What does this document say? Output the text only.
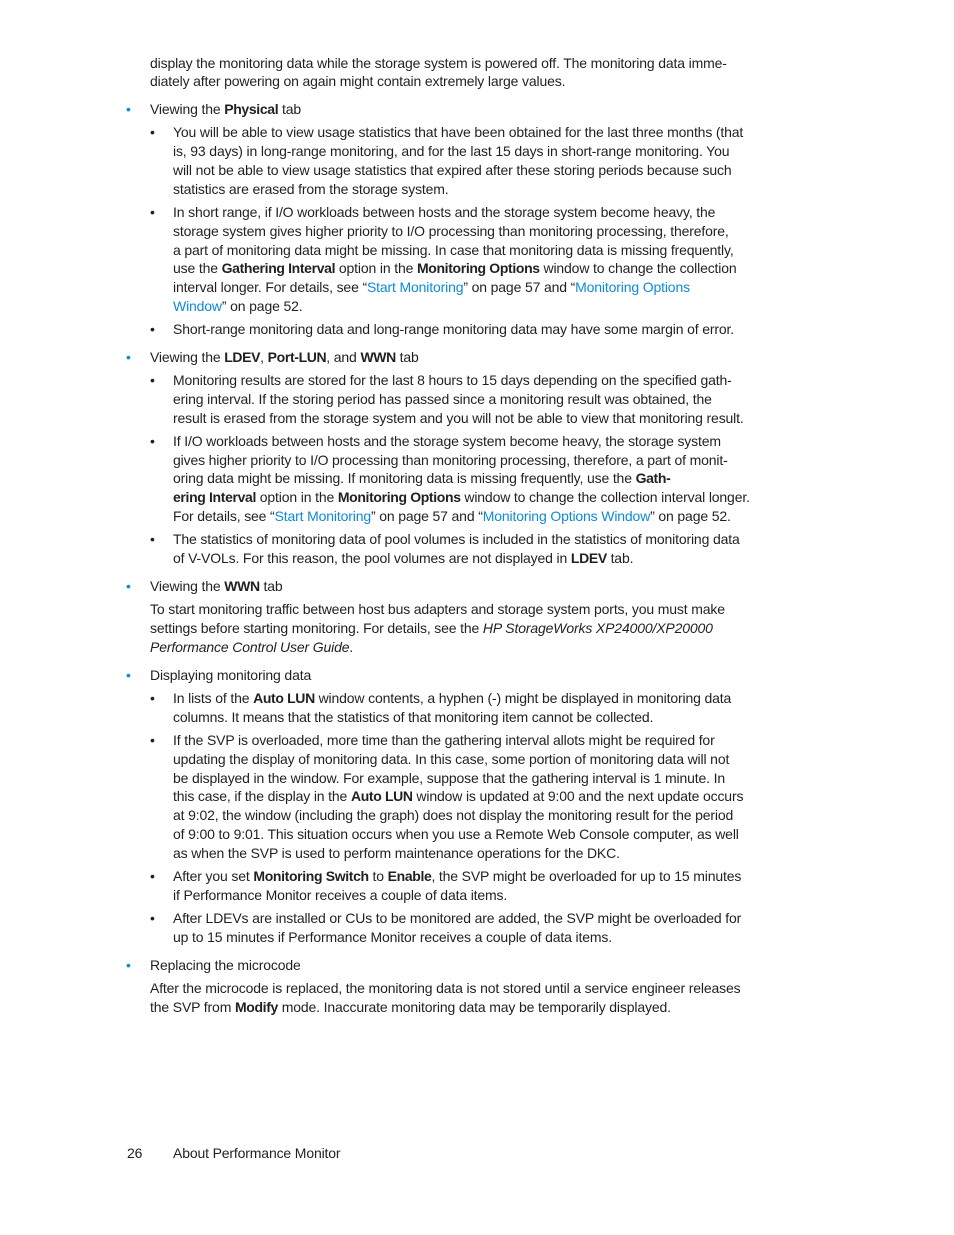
display the monitoring data while the storage system is powered off. The monitoring data imme-
diately after powering on again might contain extremely large values.
• Viewing the Physical tab
• You will be able to view usage statistics that have been obtained for the last three months (that
is, 93 days) in long-range monitoring, and for the last 15 days in short-range monitoring. You
will not be able to view usage statistics that expired after these storing periods because such
statistics are erased from the storage system.
• In short range, if I/O workloads between hosts and the storage system become heavy, the
storage system gives higher priority to I/O processing than monitoring processing, therefore,
a part of monitoring data might be missing. In case that monitoring data is missing frequently,
use the Gathering Interval option in the Monitoring Options window to change the collection
interval longer. For details, see “Start Monitoring” on page 57 and “Monitoring Options
Window” on page 52.
• Short-range monitoring data and long-range monitoring data may have some margin of error.
• Viewing the LDEV, Port-LUN, and WWN tab
• Monitoring results are stored for the last 8 hours to 15 days depending on the specified gath-
ering interval. If the storing period has passed since a monitoring result was obtained, the
result is erased from the storage system and you will not be able to view that monitoring result.
• If I/O workloads between hosts and the storage system become heavy, the storage system
gives higher priority to I/O processing than monitoring processing, therefore, a part of monit-
oring data might be missing. If monitoring data is missing frequently, use the Gath-
ering Interval option in the Monitoring Options window to change the collection interval longer.
For details, see “Start Monitoring” on page 57 and “Monitoring Options Window” on page 52.
• The statistics of monitoring data of pool volumes is included in the statistics of monitoring data
of V-VOLs. For this reason, the pool volumes are not displayed in LDEV tab.
• Viewing the WWN tab
To start monitoring traffic between host bus adapters and storage system ports, you must make
settings before starting monitoring. For details, see the HP StorageWorks XP24000/XP20000
Performance Control User Guide.
• Displaying monitoring data
• In lists of the Auto LUN window contents, a hyphen (-) might be displayed in monitoring data
columns. It means that the statistics of that monitoring item cannot be collected.
• If the SVP is overloaded, more time than the gathering interval allots might be required for
updating the display of monitoring data. In this case, some portion of monitoring data will not
be displayed in the window. For example, suppose that the gathering interval is 1 minute. In
this case, if the display in the Auto LUN window is updated at 9:00 and the next update occurs
at 9:02, the window (including the graph) does not display the monitoring result for the period
of 9:00 to 9:01. This situation occurs when you use a Remote Web Console computer, as well
as when the SVP is used to perform maintenance operations for the DKC.
• After you set Monitoring Switch to Enable, the SVP might be overloaded for up to 15 minutes
if Performance Monitor receives a couple of data items.
• After LDEVs are installed or CUs to be monitored are added, the SVP might be overloaded for
up to 15 minutes if Performance Monitor receives a couple of data items.
• Replacing the microcode
After the microcode is replaced, the monitoring data is not stored until a service engineer releases
the SVP from Modify mode. Inaccurate monitoring data may be temporarily displayed.
26 About Performance Monitor
